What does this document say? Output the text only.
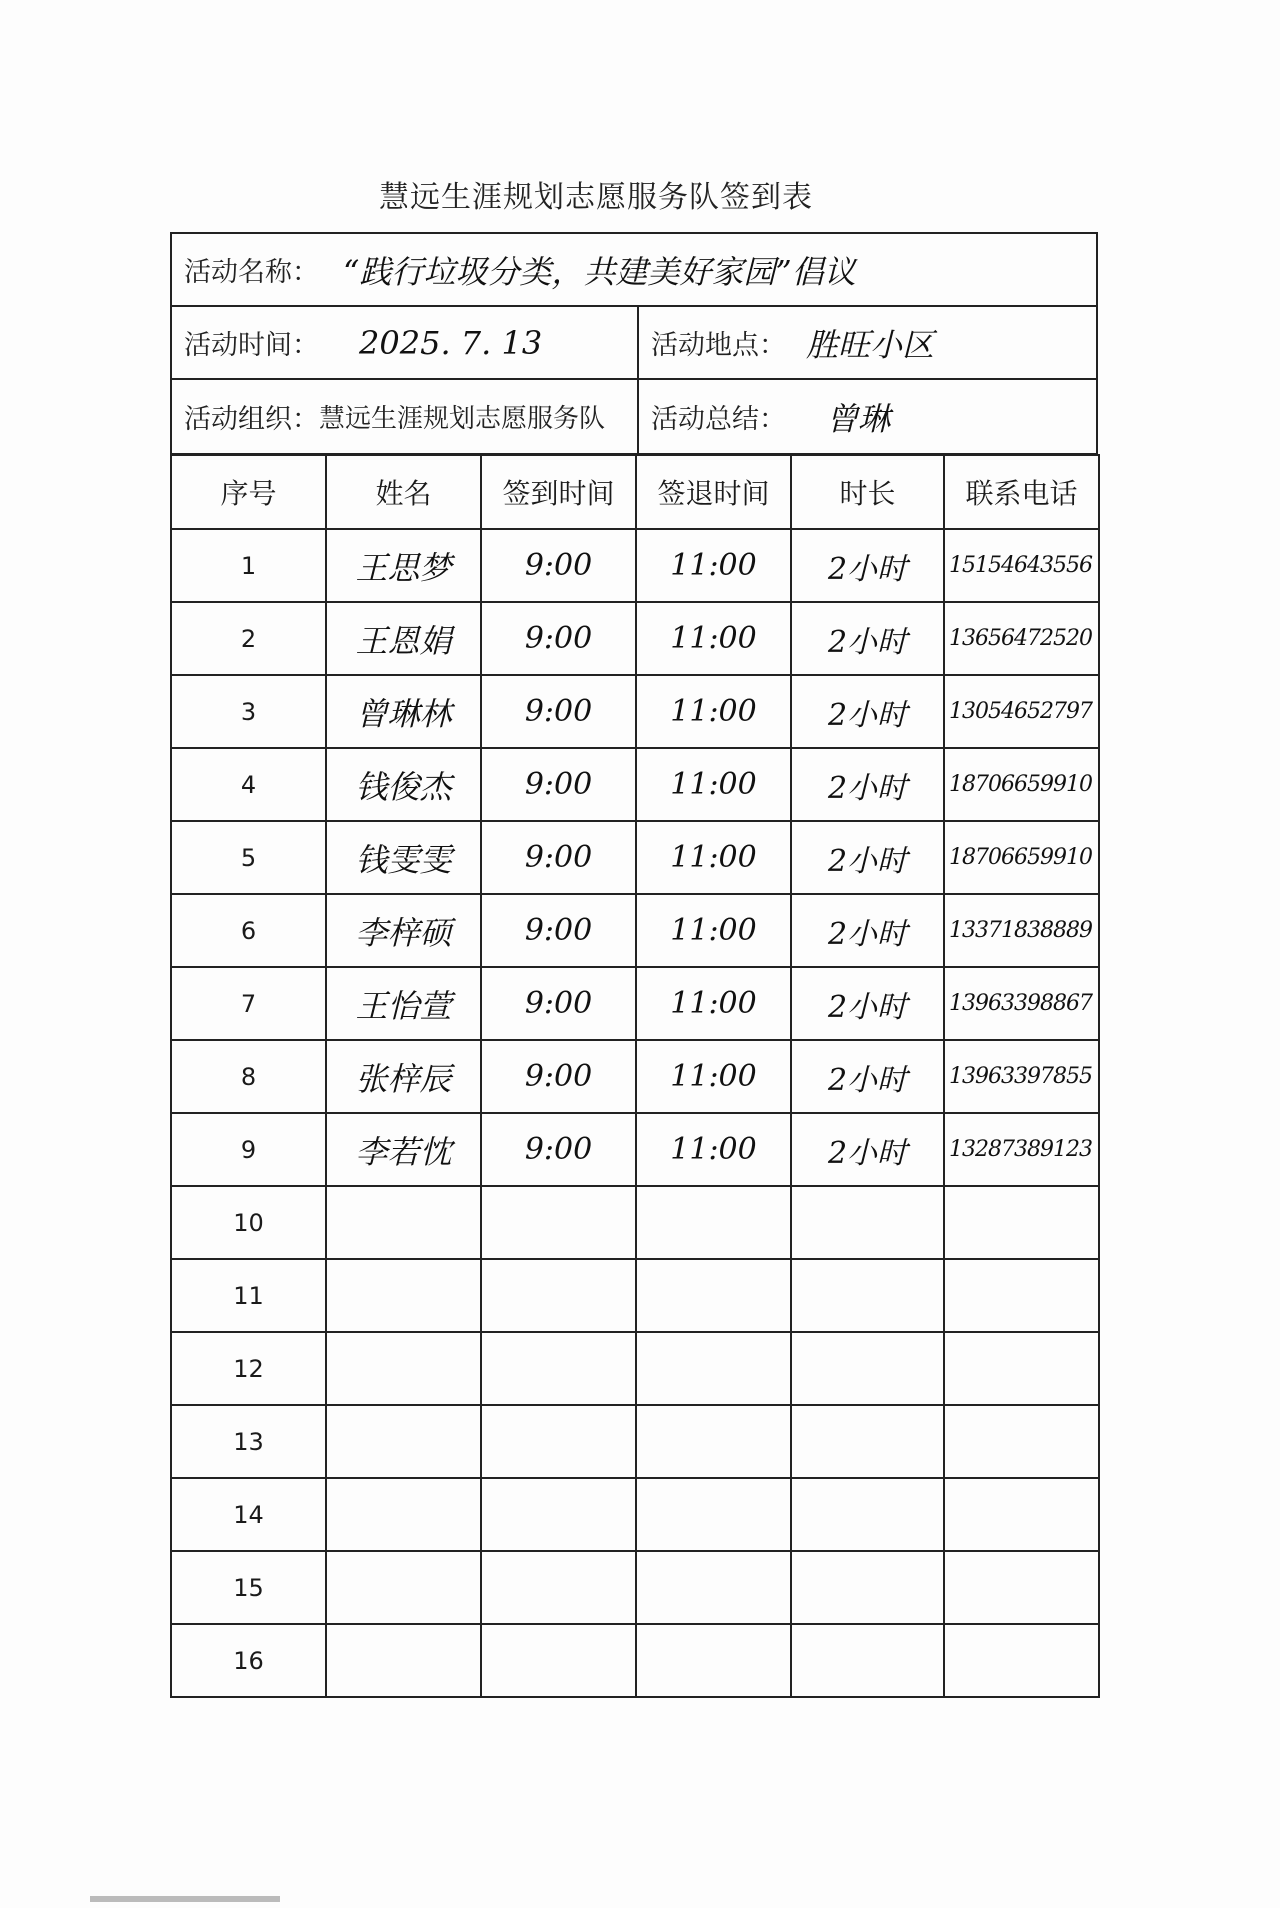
慧远生涯规划志愿服务队签到表
活动名称： “践行垃圾分类，共建美好家园”倡议
活动时间： 2025. 7. 13	活动地点： 胜旺小区
活动组织： 慧远生涯规划志愿服务队 活动总结： 曾琳
序号	姓名	签到时间	签退时间	时长	联系电话
1	王思梦	9:00	11:00	2小时	15154643556
2	王恩娟	9:00	11:00	2小时	13656472520
3	曾琳林	9:00	11:00	2小时	13054652797
4	钱俊杰	9:00	11:00	2小时	18706659910
5	钱雯雯	9:00	11:00	2小时	18706659910
6	李梓硕	9:00	11:00	2小时	13371838889
7	王怡萱	9:00	11:00	2小时	13963398867
8	张梓辰	9:00	11:00	2小时	13963397855
9	李若忱	9:00	11:00	2小时	13287389123
10					
11					
12					
13					
14					
15					
16					
